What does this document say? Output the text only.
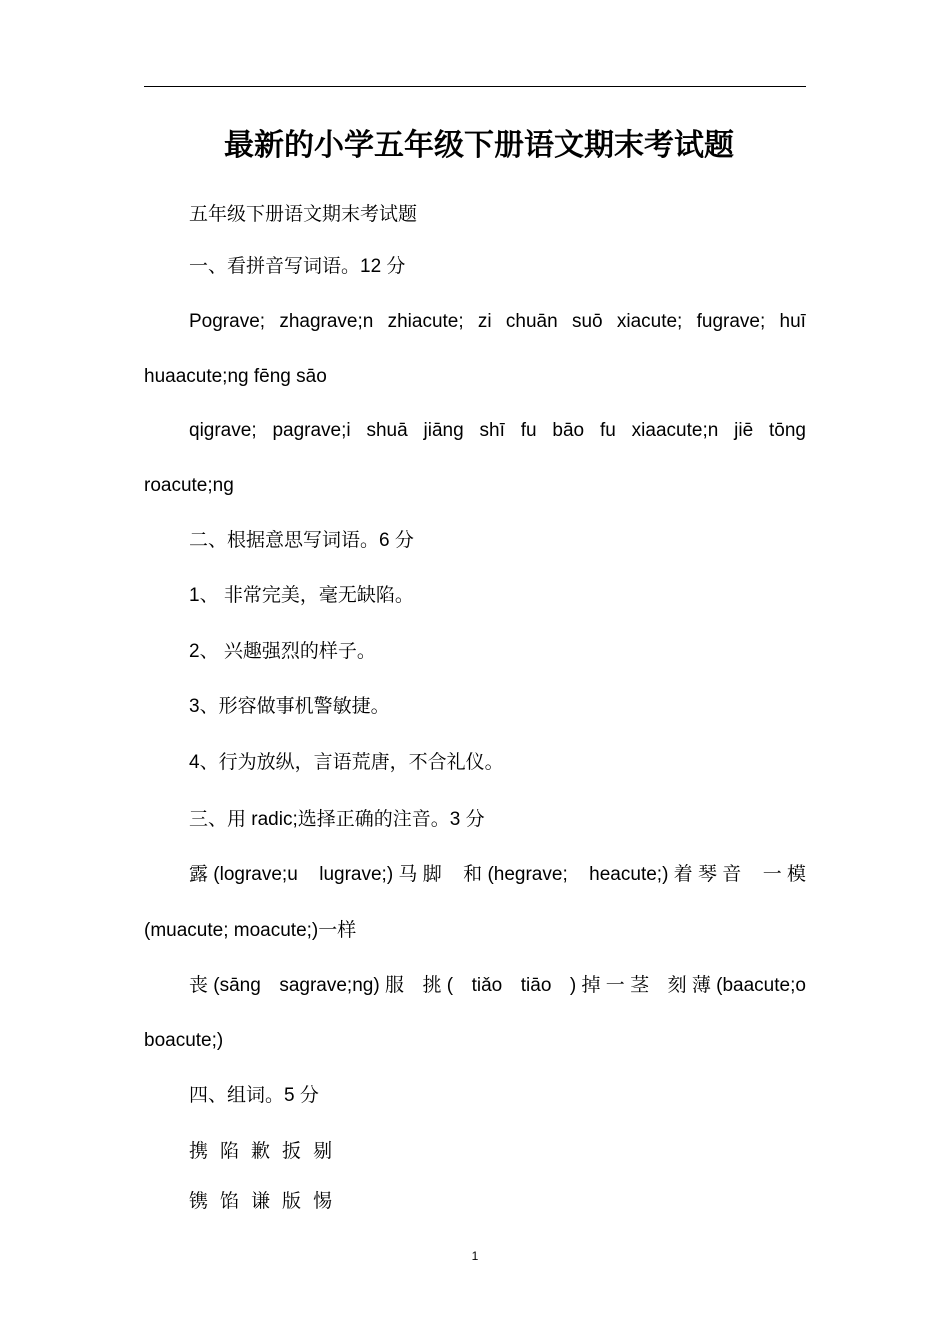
最新的小学五年级下册语文期末考试题
五年级下册语文期末考试题
一、看拼音写词语。12 分
Pograve; zhagrave;n zhiacute; zi chuān suō xiacute; fugrave; huī
huaacute;ng fēng sāo
qigrave; pagrave;i shuā jiāng shī fu bāo fu xiaacute;n jiē tōng
roacute;ng
二、根据意思写词语。6 分
1、 非常完美，毫无缺陷。
2、 兴趣强烈的样子。
3、形容做事机警敏捷。
4、行为放纵，言语荒唐，不合礼仪。
三、用 radic;选择正确的注音。3 分
露 (lograve;u lugrave;) 马 脚 和 (hegrave; heacute;) 着 琴 音 一 模
(muacute; moacute;)一样
丧 (sāng sagrave;ng) 服 挑 ( tiǎo tiāo ) 掉 一 茎 刻 薄 (baacute;o
boacute;)
四、组词。5 分
携 陷 歉 扳 剔
镌 馅 谦 版 惕
1
